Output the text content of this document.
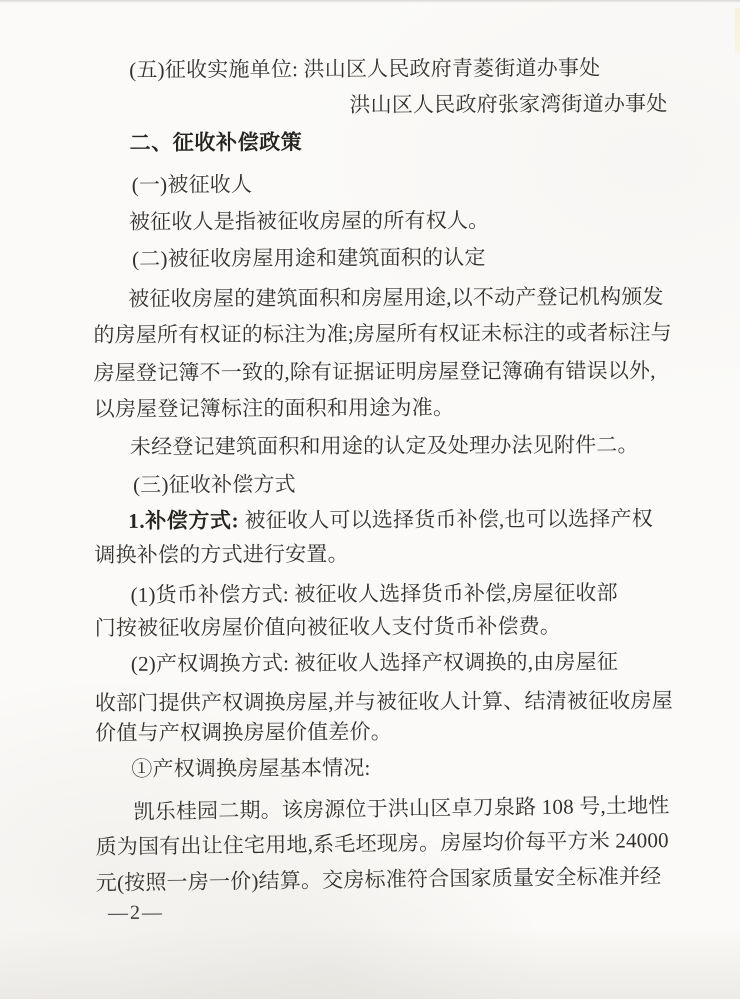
(五)征收实施单位: 洪山区人民政府青菱街道办事处
洪山区人民政府张家湾街道办事处
二、征收补偿政策
(一)被征收人
被征收人是指被征收房屋的所有权人。
(二)被征收房屋用途和建筑面积的认定
被征收房屋的建筑面积和房屋用途,以不动产登记机构颁发
的房屋所有权证的标注为准;房屋所有权证未标注的或者标注与
房屋登记簿不一致的,除有证据证明房屋登记簿确有错误以外,
以房屋登记簿标注的面积和用途为准。
未经登记建筑面积和用途的认定及处理办法见附件二。
(三)征收补偿方式
1.补偿方式: 被征收人可以选择货币补偿,也可以选择产权
调换补偿的方式进行安置。
(1)货币补偿方式: 被征收人选择货币补偿,房屋征收部
门按被征收房屋价值向被征收人支付货币补偿费。
(2)产权调换方式: 被征收人选择产权调换的,由房屋征
收部门提供产权调换房屋,并与被征收人计算、结清被征收房屋
价值与产权调换房屋价值差价。
①产权调换房屋基本情况:
凯乐桂园二期。该房源位于洪山区卓刀泉路 108 号,土地性
质为国有出让住宅用地,系毛坯现房。房屋均价每平方米 24000
元(按照一房一价)结算。交房标准符合国家质量安全标准并经
—2—
